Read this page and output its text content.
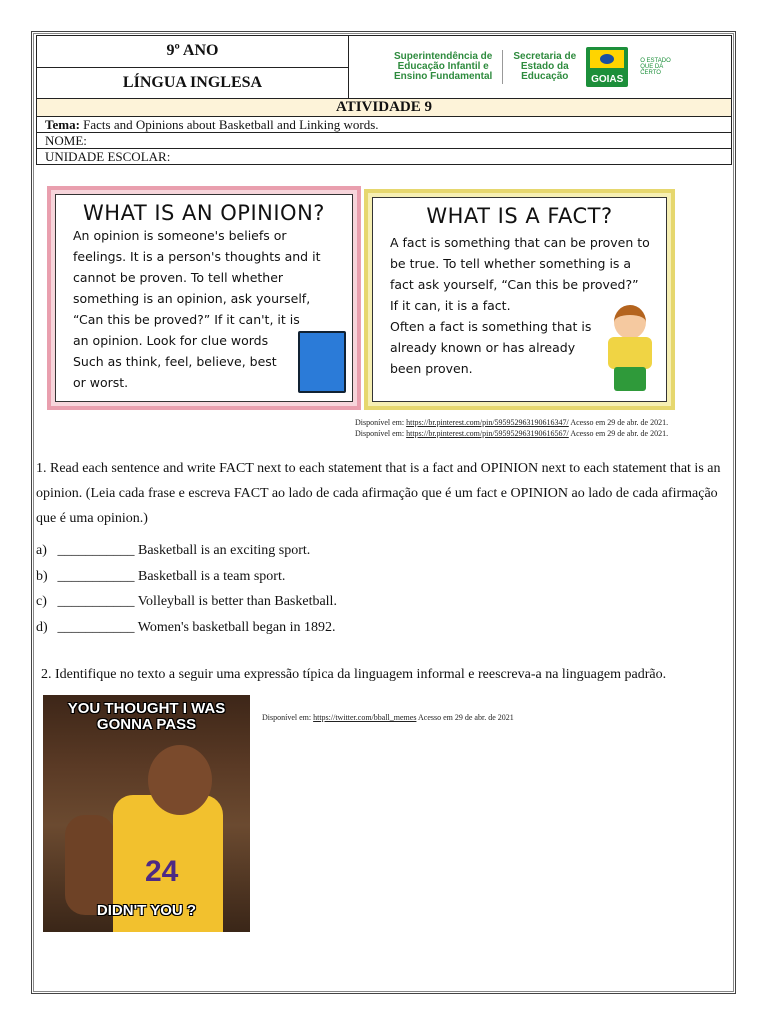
9º ANO
LÍNGUA INGLESA
Superintendência de
Educação Infantil e
Ensino Fundamental
Secretaria de
Estado da
Educação	GOIAS
O ESTADO
QUE DÁ
CERTO
ATIVIDADE 9
Tema: Facts and Opinions about Basketball and Linking words.
NOME:
UNIDADE ESCOLAR:
WHAT IS AN OPINION?

An opinion is someone's beliefs or
feelings. It is a person's thoughts and it
cannot be proven. To tell whether
something is an opinion, ask yourself,
“Can this be proved?” If it can't, it is
an opinion. Look for clue words
Such as think, feel, believe, best
or worst.

WHAT IS A FACT?

A fact is something that can be proven to
be true. To tell whether something is a
fact ask yourself, “Can this be proved?”
If it can, it is a fact.
Often a fact is something that is
already known or has already
been proven.

Disponível em: https://br.pinterest.com/pin/595952963190616347/ Acesso em 29 de abr. de 2021.
Disponível em: https://br.pinterest.com/pin/595952963190616567/ Acesso em 29 de abr. de 2021.
1. Read each sentence and write FACT next to each statement that is a fact and OPINION next to each statement that is an opinion. (Leia cada frase e escreva FACT ao lado de cada afirmação que é um fact e OPINION ao lado de cada afirmação que é uma opinion.)
a) ___________ Basketball is an exciting sport.
b) ___________ Basketball is a team sport.
c) ___________ Volleyball is better than Basketball.
d) ___________ Women's basketball began in 1892.
2. Identifique no texto a seguir uma expressão típica da linguagem informal e reescreva-a na linguagem padrão.
24
YOU THOUGHT I WAS
GONNA PASS
DIDN'T YOU ?
Disponível em: https://twitter.com/bball_memes Acesso em 29 de abr. de 2021
